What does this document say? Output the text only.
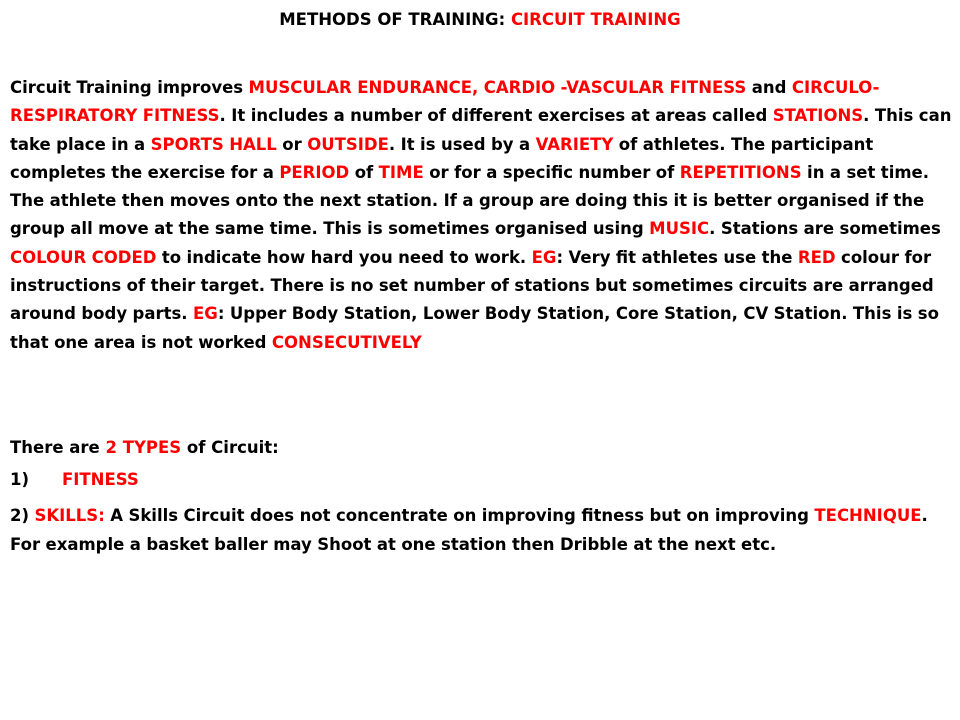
METHODS OF TRAINING: CIRCUIT TRAINING

Circuit Training improves MUSCULAR ENDURANCE, CARDIO -VASCULAR FITNESS and CIRCULO-RESPIRATORY FITNESS. It includes a number of different exercises at areas called STATIONS. This can take place in a SPORTS HALL or OUTSIDE. It is used by a VARIETY of athletes. The participant completes the exercise for a PERIOD of TIME or for a specific number of REPETITIONS in a set time. The athlete then moves onto the next station. If a group are doing this it is better organised if the group all move at the same time. This is sometimes organised using MUSIC. Stations are sometimes COLOUR CODED to indicate how hard you need to work. EG: Very fit athletes use the RED colour for instructions of their target. There is no set number of stations but sometimes circuits are arranged around body parts. EG: Upper Body Station, Lower Body Station, Core Station, CV Station. This is so that one area is not worked CONSECUTIVELY

There are 2 TYPES of Circuit:

1) FITNESS

2) SKILLS: A Skills Circuit does not concentrate on improving fitness but on improving TECHNIQUE. For example a basket baller may Shoot at one station then Dribble at the next etc.
